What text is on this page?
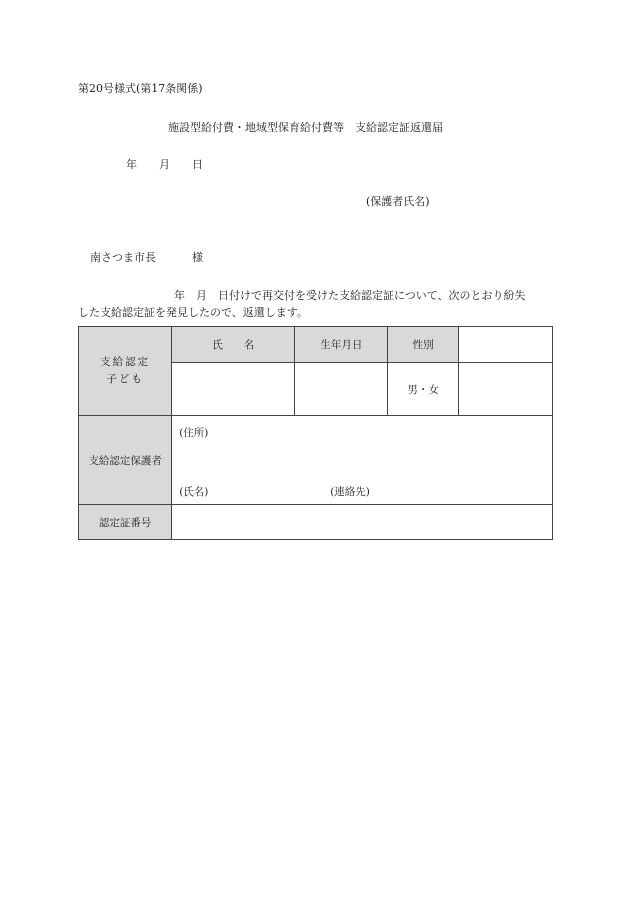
第20号様式(第17条関係)
施設型給付費・地域型保育給付費等　支給認定証返還届
年 月 日
(保護者氏名)
南さつま市長	様
年　月　日付けで再交付を受けた支給認定証について、次のとおり紛失
した支給認定証を発見したので、返還します。
支給認定
子ども	氏　　名	生年月日	性別	
			男・女	
支給認定保護者	(住所)
(氏名) (連絡先)			

認定証番号				
